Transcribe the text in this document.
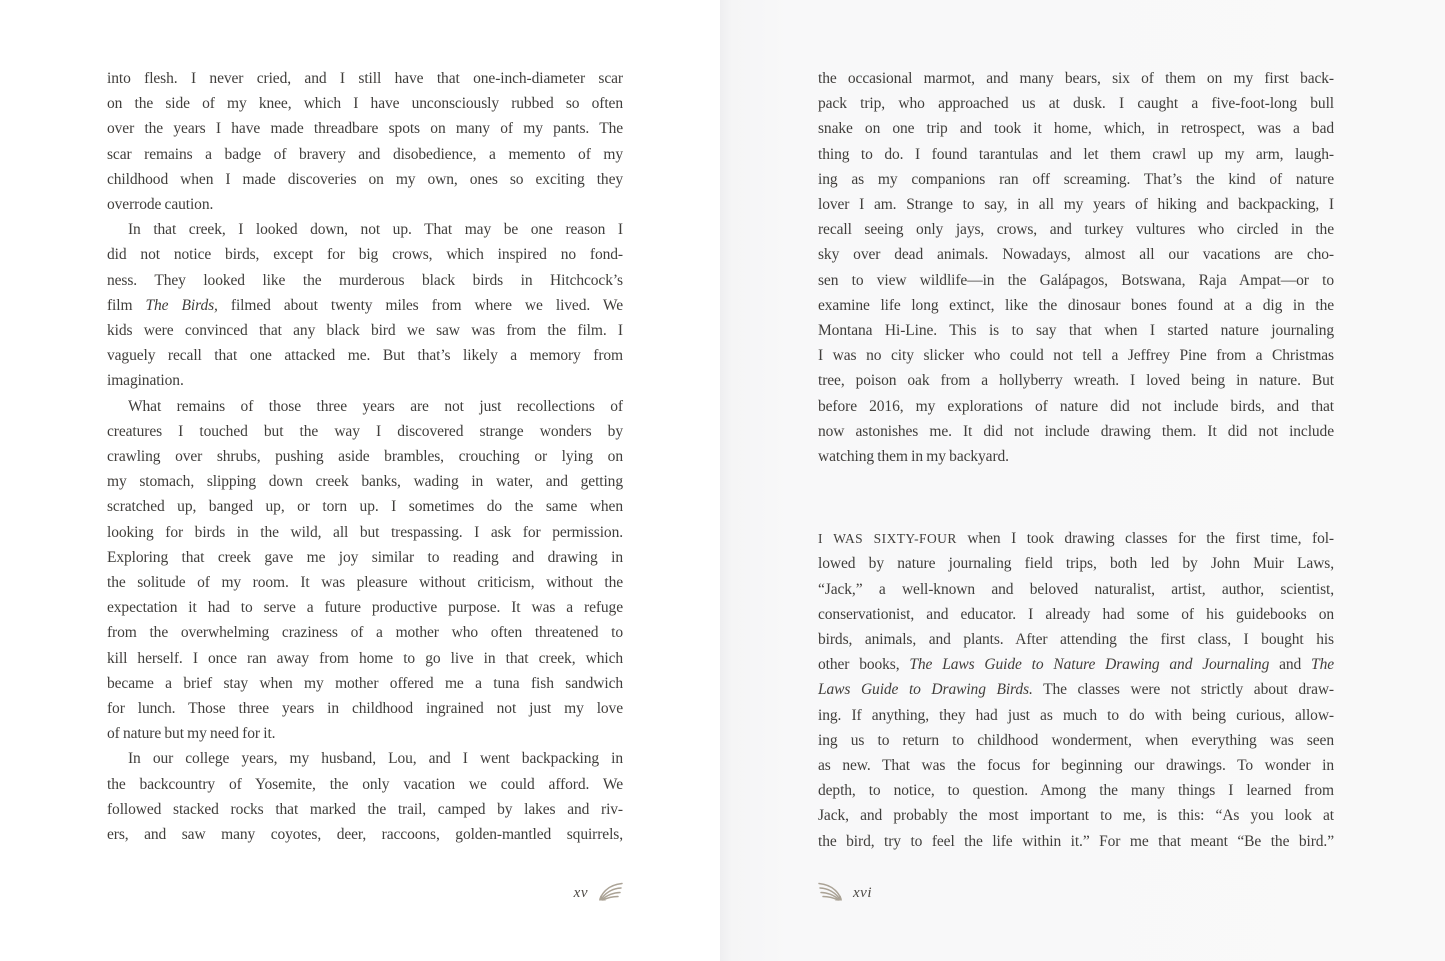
into flesh. I never cried, and I still have that one-inch-diameter scar
on the side of my knee, which I have unconsciously rubbed so often
over the years I have made threadbare spots on many of my pants. The
scar remains a badge of bravery and disobedience, a memento of my
childhood when I made discoveries on my own, ones so exciting they
overrode caution.
In that creek, I looked down, not up. That may be one reason I
did not notice birds, except for big crows, which inspired no fond-
ness. They looked like the murderous black birds in Hitchcock’s
film The Birds, filmed about twenty miles from where we lived. We
kids were convinced that any black bird we saw was from the film. I
vaguely recall that one attacked me. But that’s likely a memory from
imagination.
What remains of those three years are not just recollections of
creatures I touched but the way I discovered strange wonders by
crawling over shrubs, pushing aside brambles, crouching or lying on
my stomach, slipping down creek banks, wading in water, and getting
scratched up, banged up, or torn up. I sometimes do the same when
looking for birds in the wild, all but trespassing. I ask for permission.
Exploring that creek gave me joy similar to reading and drawing in
the solitude of my room. It was pleasure without criticism, without the
expectation it had to serve a future productive purpose. It was a refuge
from the overwhelming craziness of a mother who often threatened to
kill herself. I once ran away from home to go live in that creek, which
became a brief stay when my mother offered me a tuna fish sandwich
for lunch. Those three years in childhood ingrained not just my love
of nature but my need for it.
In our college years, my husband, Lou, and I went backpacking in
the backcountry of Yosemite, the only vacation we could afford. We
followed stacked rocks that marked the trail, camped by lakes and riv-
ers, and saw many coyotes, deer, raccoons, golden-mantled squirrels,
xv
the occasional marmot, and many bears, six of them on my first back-
pack trip, who approached us at dusk. I caught a five-foot-long bull
snake on one trip and took it home, which, in retrospect, was a bad
thing to do. I found tarantulas and let them crawl up my arm, laugh-
ing as my companions ran off screaming. That’s the kind of nature
lover I am. Strange to say, in all my years of hiking and backpacking, I
recall seeing only jays, crows, and turkey vultures who circled in the
sky over dead animals. Nowadays, almost all our vacations are cho-
sen to view wildlife—in the Galápagos, Botswana, Raja Ampat—or to
examine life long extinct, like the dinosaur bones found at a dig in the
Montana Hi-Line. This is to say that when I started nature journaling
I was no city slicker who could not tell a Jeffrey Pine from a Christmas
tree, poison oak from a hollyberry wreath. I loved being in nature. But
before 2016, my explorations of nature did not include birds, and that
now astonishes me. It did not include drawing them. It did not include
watching them in my backyard.
I WAS SIXTY-FOUR when I took drawing classes for the first time, fol-
lowed by nature journaling field trips, both led by John Muir Laws,
“Jack,” a well-known and beloved naturalist, artist, author, scientist,
conservationist, and educator. I already had some of his guidebooks on
birds, animals, and plants. After attending the first class, I bought his
other books, The Laws Guide to Nature Drawing and Journaling and The
Laws Guide to Drawing Birds. The classes were not strictly about draw-
ing. If anything, they had just as much to do with being curious, allow-
ing us to return to childhood wonderment, when everything was seen
as new. That was the focus for beginning our drawings. To wonder in
depth, to notice, to question. Among the many things I learned from
Jack, and probably the most important to me, is this: “As you look at
the bird, try to feel the life within it.” For me that meant “Be the bird.”
xvi
